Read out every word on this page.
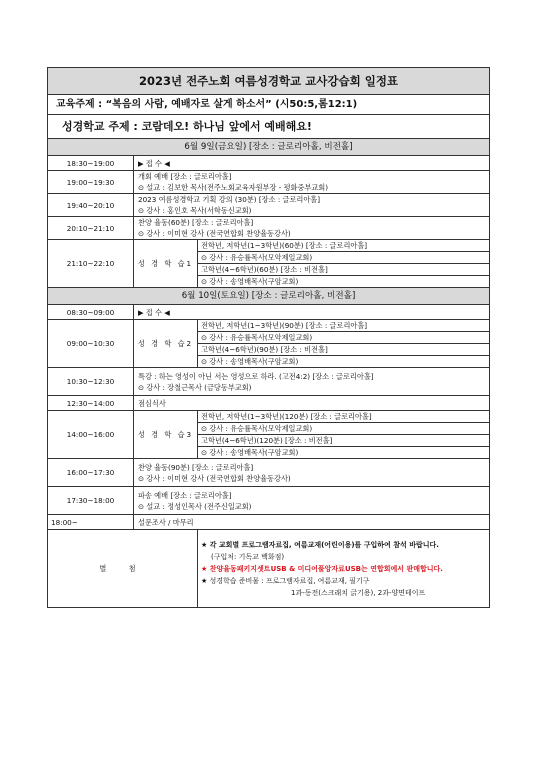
2023년 전주노회 여름성경학교 교사강습회 일정표		
교육주제 : “복음의 사람, 예배자로 살게 하소서” (시50:5,롬12:1)		
성경학교 주제 : 코람데오! 하나님 앞에서 예배해요!		
6월 9일(금요일) [장소 : 글로리아홀, 비전홀]		
18:30~19:00	▶ 접 수 ◀	
19:00~19:30	개회 예배 [장소 : 글로리아홀]
⊙ 설교 : 김보한 목사(전주노회교육자원부장 - 평화중부교회)	

19:40~20:10	2023 여름성경학교 기획 강의 (30분) [장소 : 글로리아홀]
⊙ 강사 : 홍인호 목사(서학동신교회)	

20:10~21:10	찬양 율동(60분) [장소 : 글로리아홀]
⊙ 강사 : 이미현 강사 (전국연합회 찬양율동강사)	

21:10~22:10	성 경 학 습1	전학년, 저학년(1~3학년)(60분) [장소 : 글로리아홀]
⊙ 강사 : 유승률목사(모악제일교회)
고학년(4~6학년)(60분) [장소 : 비전홀]
⊙ 강사 : 송영배목사(구암교회)

6월 10일(토요일) [장소 : 글로리아홀, 비전홀]		
08:30~09:00	▶ 접 수 ◀	
09:00~10:30	성 경 학 습2	전학년, 저학년(1~3학년)(90분) [장소 : 글로리아홀]
⊙ 강사 : 유승률목사(모악제일교회)
고학년(4~6학년)(90분) [장소 : 비전홀]
⊙ 강사 : 송영배목사(구암교회)

10:30~12:30	특강 : 하는 영성이 아닌 서는 영성으로 하라. (고전4:2) [장소 : 글로리아홀]
⊙ 강사 : 장철근목사 (금당동부교회)	

12:30~14:00	점심식사	
14:00~16:00	성 경 학 습3	전학년, 저학년(1~3학년)(120분) [장소 : 글로리아홀]
⊙ 강사 : 유승률목사(모악제일교회)
고학년(4~6학년)(120분) [장소 : 비전홀]
⊙ 강사 : 송영배목사(구암교회)

16:00~17:30	찬양 율동(90분) [장소 : 글로리아홀]
⊙ 강사 : 이미현 강사 (전국연합회 찬양율동강사)	

17:30~18:00	파송 예배 [장소 : 글로리아홀]
⊙ 설교 : 정성인목사 (전주신일교회)	

18:00~	설문조사 / 마무리	
별 첨		★ 각 교회별 프로그램자료집, 여름교재(어린이용)를 구입하여 참석 바랍니다.
(구입처: 기독교 백화점)
★ 찬양율동패키지셋트USB & 미디어풀앙자료USB는 연합회에서 판매합니다.
★ 성경학습 준비물 : 프로그램자료집, 여름교재, 필기구
1과-동전(스크래치 긁기용), 2과-양면테이프
